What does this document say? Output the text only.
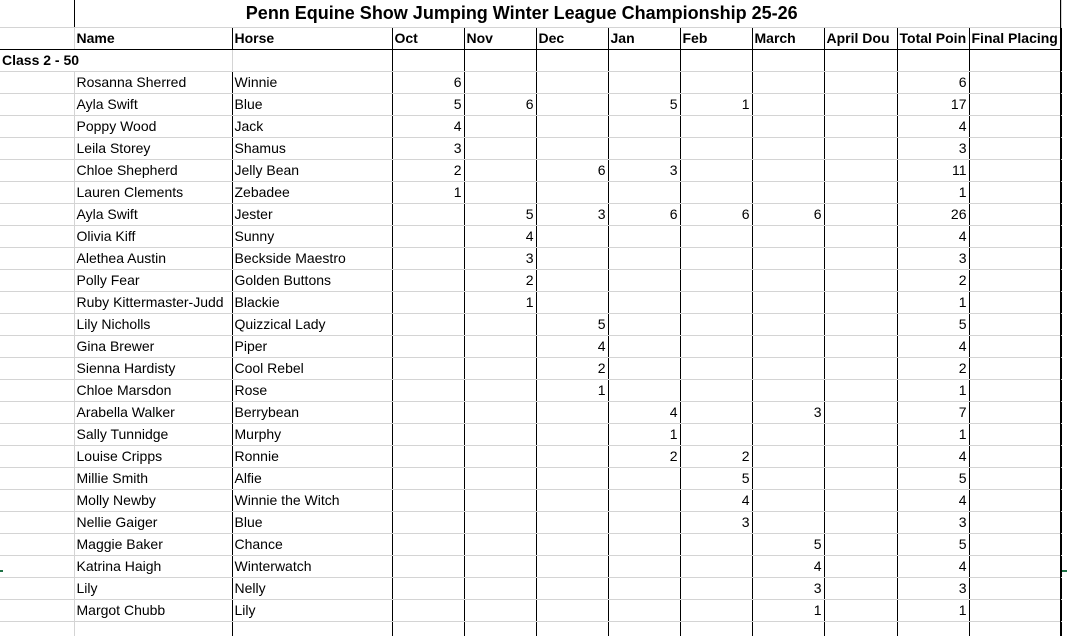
	Penn Equine Show Jumping Winter League Championship 25-26										
	Name	Horse	Oct	Nov	Dec	Jan	Feb	March	April Dou	Total Poin	Final Placing
Class 2 - 50											
	Rosanna Sherred	Winnie	6							6	
	Ayla Swift	Blue	5	6		5	1			17	
	Poppy Wood	Jack	4							4	
	Leila Storey	Shamus	3							3	
	Chloe Shepherd	Jelly Bean	2		6	3				11	
	Lauren Clements	Zebadee	1							1	
	Ayla Swift	Jester		5	3	6	6	6		26	
	Olivia Kiff	Sunny		4						4	
	Alethea Austin	Beckside Maestro		3						3	
	Polly Fear	Golden Buttons		2						2	
	Ruby Kittermaster-Judd	Blackie		1						1	
	Lily Nicholls	Quizzical Lady			5					5	
	Gina Brewer	Piper			4					4	
	Sienna Hardisty	Cool Rebel			2					2	
	Chloe Marsdon	Rose			1					1	
	Arabella Walker	Berrybean				4		3		7	
	Sally Tunnidge	Murphy				1				1	
	Louise Cripps	Ronnie				2	2			4	
	Millie Smith	Alfie					5			5	
	Molly Newby	Winnie the Witch					4			4	
	Nellie Gaiger	Blue					3			3	
	Maggie Baker	Chance						5		5	
	Katrina Haigh	Winterwatch						4		4	
	Lily	Nelly						3		3	
	Margot Chubb	Lily						1		1	
